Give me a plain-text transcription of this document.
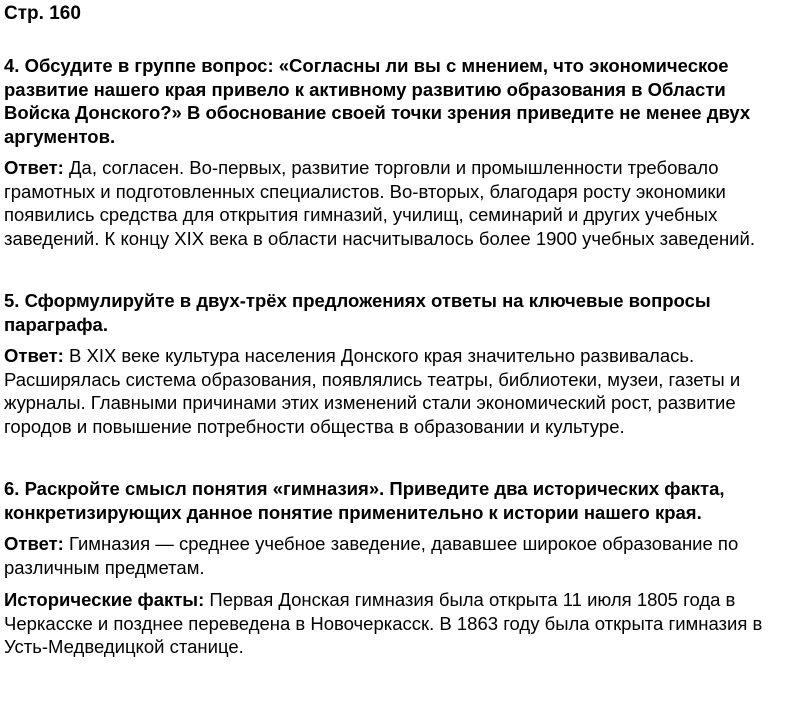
Стр. 160

4. Обсудите в группе вопрос: «Согласны ли вы с мнением, что экономическое развитие нашего края привело к активному развитию образования в Области Войска Донского?» В обоснование своей точки зрения приведите не менее двух аргументов.

Ответ: Да, согласен. Во-первых, развитие торговли и промышленности требовало грамотных и подготовленных специалистов. Во-вторых, благодаря росту экономики появились средства для открытия гимназий, училищ, семинарий и других учебных заведений. К концу XIX века в области насчитывалось более 1900 учебных заведений.

5. Сформулируйте в двух-трёх предложениях ответы на ключевые вопросы параграфа.

Ответ: В XIX веке культура населения Донского края значительно развивалась. Расширялась система образования, появлялись театры, библиотеки, музеи, газеты и журналы. Главными причинами этих изменений стали экономический рост, развитие городов и повышение потребности общества в образовании и культуре.

6. Раскройте смысл понятия «гимназия». Приведите два исторических факта, конкретизирующих данное понятие применительно к истории нашего края.

Ответ: Гимназия — среднее учебное заведение, дававшее широкое образование по различным предметам.

Исторические факты: Первая Донская гимназия была открыта 11 июля 1805 года в Черкасске и позднее переведена в Новочеркасск. В 1863 году была открыта гимназия в Усть-Медведицкой станице.
